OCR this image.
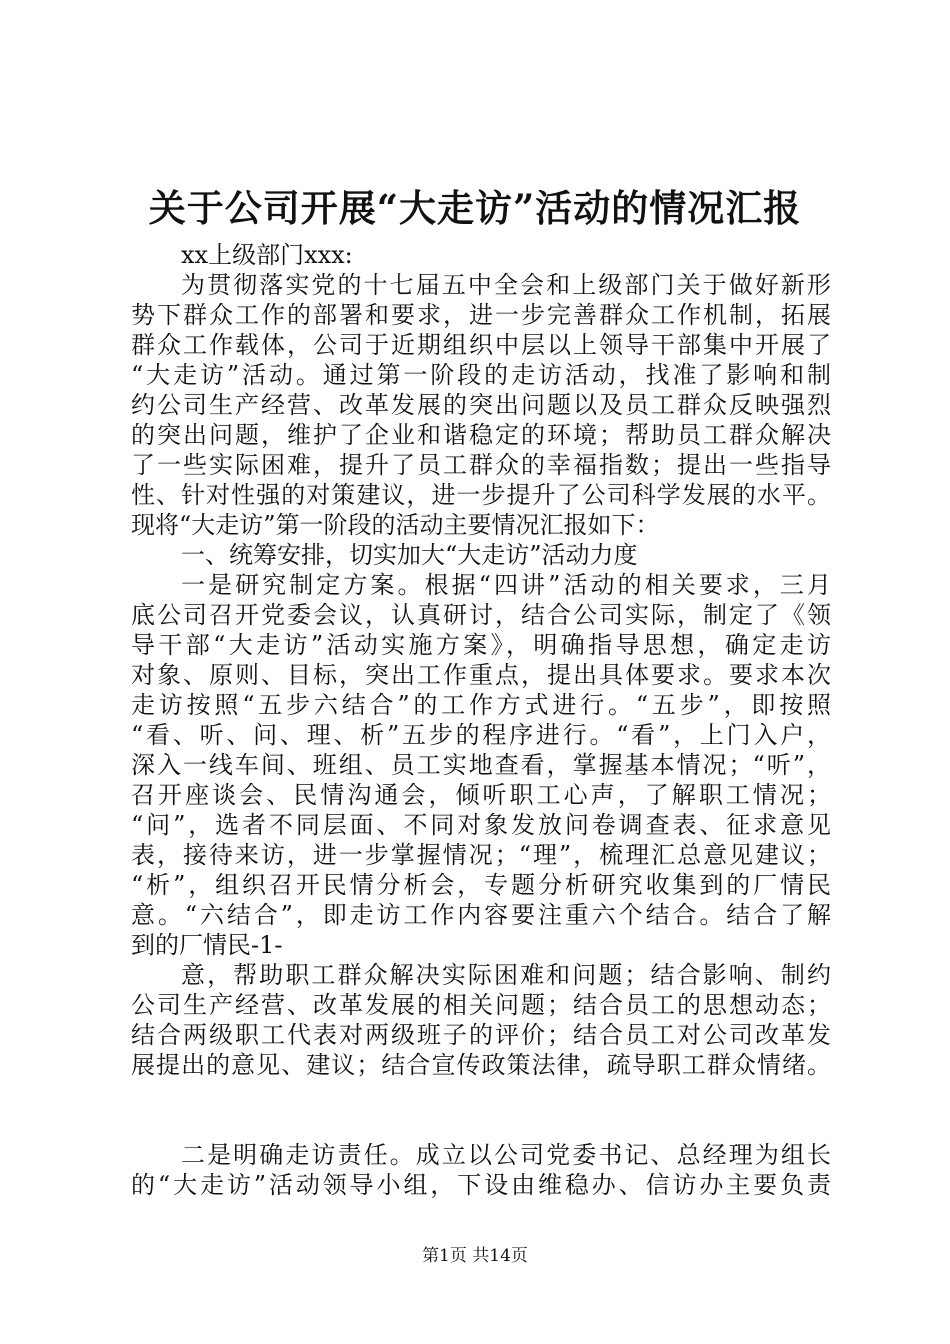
关于公司开展“大走访”活动的情况汇报
xx上级部门xxx:
为贯彻落实党的十七届五中全会和上级部门关于做好新形
势下群众工作的部署和要求，进一步完善群众工作机制，拓展
群众工作载体，公司于近期组织中层以上领导干部集中开展了
“大走访”活动。通过第一阶段的走访活动，找准了影响和制
约公司生产经营、改革发展的突出问题以及员工群众反映强烈
的突出问题，维护了企业和谐稳定的环境；帮助员工群众解决
了一些实际困难，提升了员工群众的幸福指数；提出一些指导
性、针对性强的对策建议，进一步提升了公司科学发展的水平。
现将“大走访”第一阶段的活动主要情况汇报如下：
一、统筹安排，切实加大“大走访”活动力度
一是研究制定方案。根据“四讲”活动的相关要求，三月
底公司召开党委会议，认真研讨，结合公司实际，制定了《领
导干部“大走访”活动实施方案》，明确指导思想，确定走访
对象、原则、目标，突出工作重点，提出具体要求。要求本次
走访按照“五步六结合”的工作方式进行。“五步”，即按照
“看、听、问、理、析”五步的程序进行。“看”，上门入户，
深入一线车间、班组、员工实地查看，掌握基本情况；“听”，
召开座谈会、民情沟通会，倾听职工心声，了解职工情况；
“问”，选者不同层面、不同对象发放问卷调查表、征求意见
表，接待来访，进一步掌握情况；“理”，梳理汇总意见建议；
“析”，组织召开民情分析会，专题分析研究收集到的厂情民
意。“六结合”，即走访工作内容要注重六个结合。结合了解
到的厂情民-1-
意，帮助职工群众解决实际困难和问题；结合影响、制约
公司生产经营、改革发展的相关问题；结合员工的思想动态；
结合两级职工代表对两级班子的评价；结合员工对公司改革发
展提出的意见、建议；结合宣传政策法律，疏导职工群众情绪。
二是明确走访责任。成立以公司党委书记、总经理为组长
的“大走访”活动领导小组，下设由维稳办、信访办主要负责
第1页 共14页
